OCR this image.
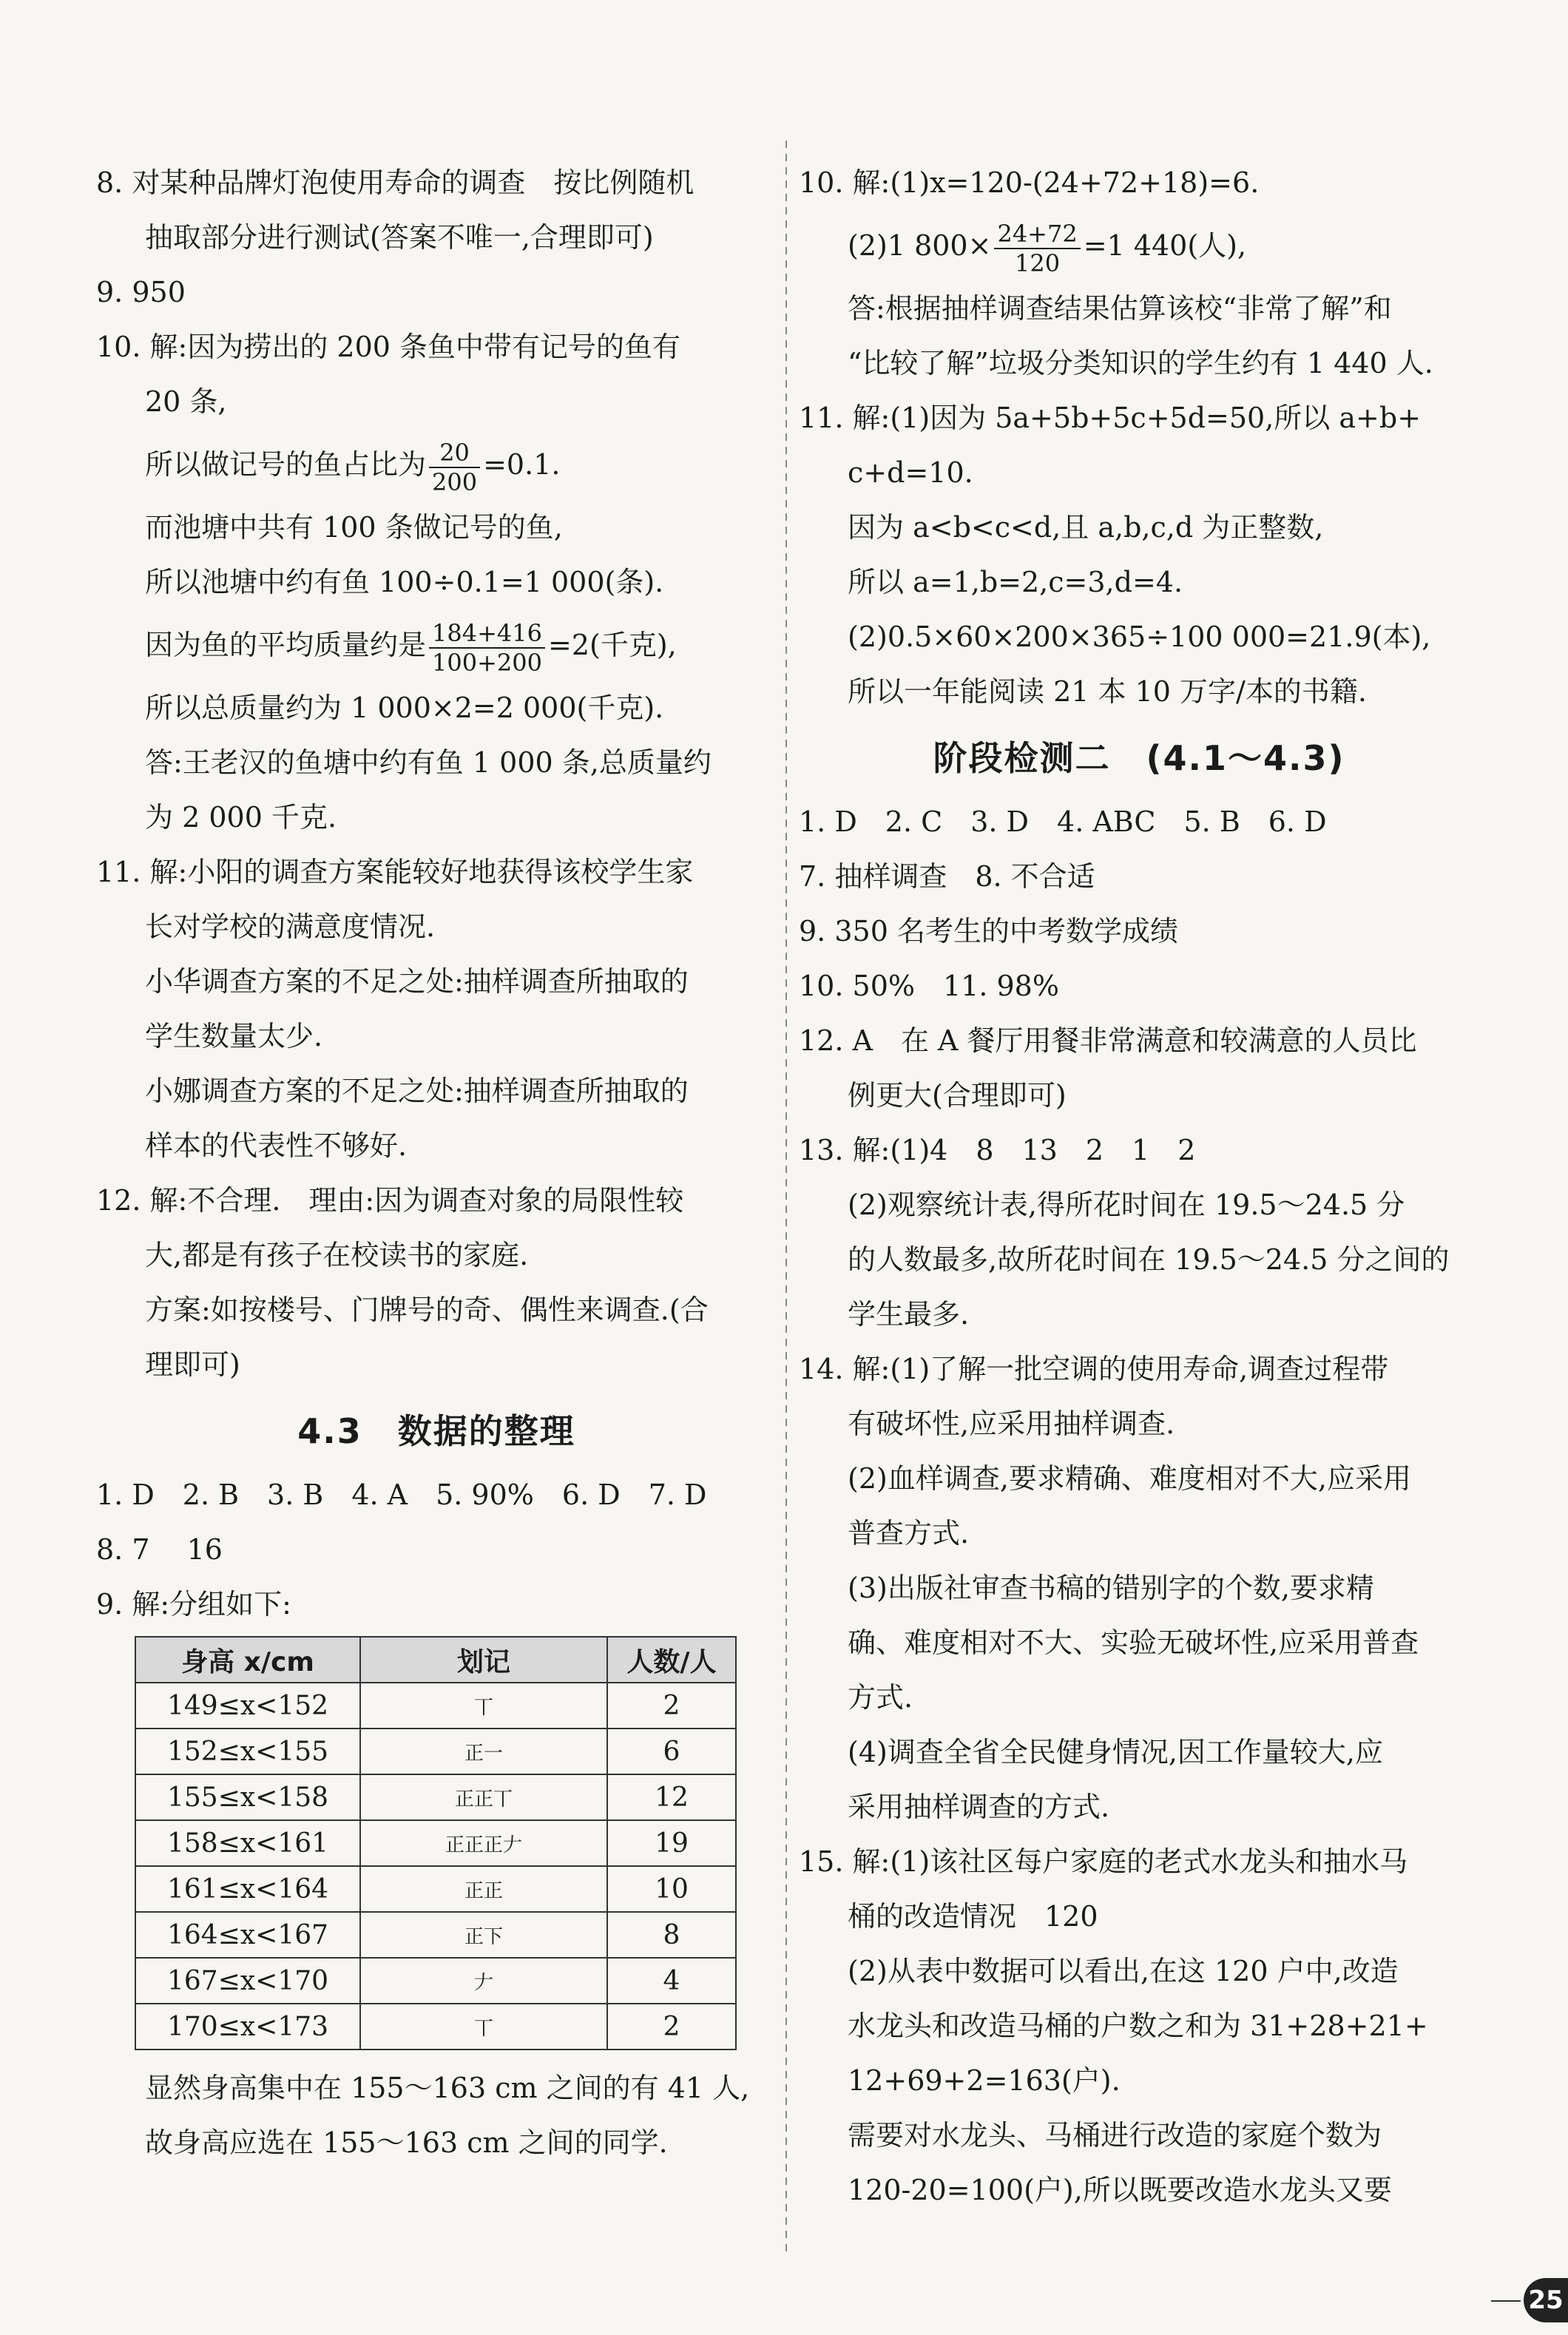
8. 对某种品牌灯泡使用寿命的调查　按比例随机

抽取部分进行测试(答案不唯一,合理即可)

9. 950

10. 解:因为捞出的 200 条鱼中带有记号的鱼有

20 条,

所以做记号的鱼占比为 $\frac{20}{200} =0.1$.

而池塘中共有 100 条做记号的鱼,

所以池塘中约有鱼 100÷0.1=1 000(条).

因为鱼的平均质量约是 $\frac{184+416}{100+200} =2$(千克),

所以总质量约为 1 000×2=2 000(千克).

答:王老汉的鱼塘中约有鱼 1 000 条,总质量约

为 2 000 千克.

11. 解:小阳的调查方案能较好地获得该校学生家

长对学校的满意度情况.

小华调查方案的不足之处:抽样调查所抽取的

学生数量太少.

小娜调查方案的不足之处:抽样调查所抽取的

样本的代表性不够好.

12. 解:不合理.　理由:因为调查对象的局限性较

大,都是有孩子在校读书的家庭.

方案:如按楼号、门牌号的奇、偶性来调查.(合

理即可)

4.3　数据的整理

1. D　2. B　3. B　4. A　5. 90%　6. D　7. D

8. 7　 16

9. 解:分组如下:

身高 x/cm	划记	人数/人
149≤x<152	丅	2
152≤x<155	正一	6
155≤x<158	正正丅	12
158≤x<161	正正正𠂇	19
161≤x<164	正正	10
164≤x<167	正下	8
167≤x<170	𠂇	4
170≤x<173	丅	2

显然身高集中在 155～163 cm 之间的有 41 人,

故身高应选在 155～163 cm 之间的同学.

10. 解:(1)x=120-(24+72+18)=6.

(2)1 $800\times \frac{24+72}{120} =1$ 440(人),

答:根据抽样调查结果估算该校“非常了解”和

“比较了解”垃圾分类知识的学生约有 1 440 人.

11. 解:(1)因为 5a+5b+5c+5d=50,所以 a+b+

c+d=10.

因为 a<b<c<d,且 a,b,c,d 为正整数,

所以 a=1,b=2,c=3,d=4.

(2)0.5×60×200×365÷100 000=21.9(本),

所以一年能阅读 21 本 10 万字/本的书籍.

阶段检测二　(4.1～4.3)

1. D　2. C　3. D　4. ABC　5. B　6. D

7. 抽样调查　8. 不合适

9. 350 名考生的中考数学成绩

10. 50%　11. 98%

12. A　在 A 餐厅用餐非常满意和较满意的人员比

例更大(合理即可)

13. 解:(1)4　8　13　2　1　2

(2)观察统计表,得所花时间在 19.5～24.5 分

的人数最多,故所花时间在 19.5～24.5 分之间的

学生最多.

14. 解:(1)了解一批空调的使用寿命,调查过程带

有破坏性,应采用抽样调查.

(2)血样调查,要求精确、难度相对不大,应采用

普查方式.

(3)出版社审查书稿的错别字的个数,要求精

确、难度相对不大、实验无破坏性,应采用普查

方式.

(4)调查全省全民健身情况,因工作量较大,应

采用抽样调查的方式.

15. 解:(1)该社区每户家庭的老式水龙头和抽水马

桶的改造情况　120

(2)从表中数据可以看出,在这 120 户中,改造

水龙头和改造马桶的户数之和为 31+28+21+

12+69+2=163(户).

需要对水龙头、马桶进行改造的家庭个数为

120-20=100(户),所以既要改造水龙头又要

25
